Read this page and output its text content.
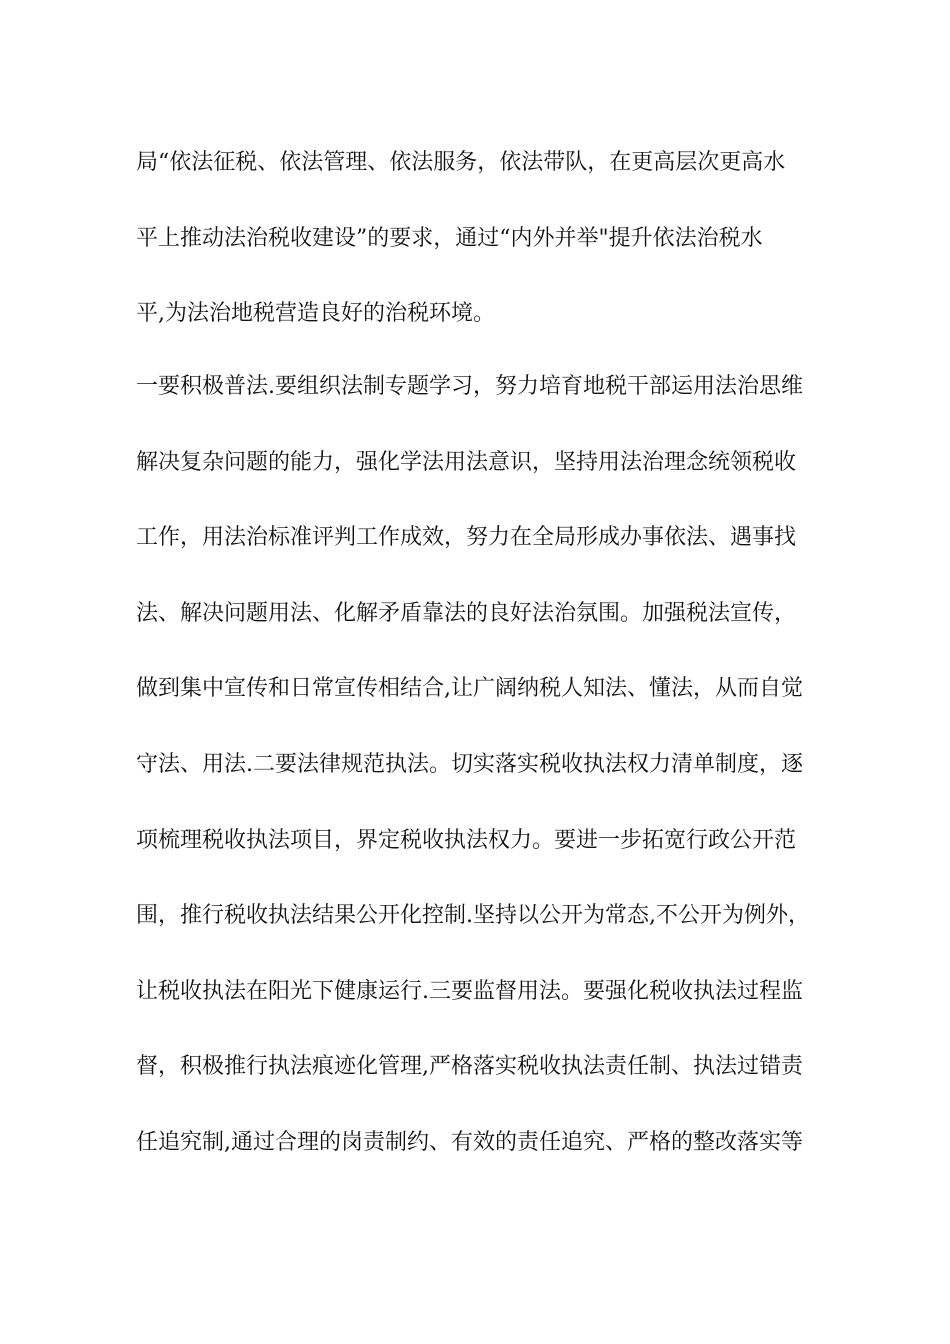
局“依法征税、依法管理、依法服务，依法带队，在更高层次更高水
平上推动法治税收建设”的要求，通过“内外并举"提升依法治税水
平,为法治地税营造良好的治税环境。
一要积极普法.要组织法制专题学习，努力培育地税干部运用法治思维
解决复杂问题的能力，强化学法用法意识，坚持用法治理念统领税收
工作，用法治标准评判工作成效，努力在全局形成办事依法、遇事找
法、解决问题用法、化解矛盾靠法的良好法治氛围。加强税法宣传，
做到集中宣传和日常宣传相结合,让广阔纳税人知法、懂法，从而自觉
守法、用法.二要法律规范执法。切实落实税收执法权力清单制度，逐
项梳理税收执法项目，界定税收执法权力。要进一步拓宽行政公开范
围，推行税收执法结果公开化控制.坚持以公开为常态,不公开为例外，
让税收执法在阳光下健康运行.三要监督用法。要强化税收执法过程监
督，积极推行执法痕迹化管理,严格落实税收执法责任制、执法过错责
任追究制,通过合理的岗责制约、有效的责任追究、严格的整改落实等
